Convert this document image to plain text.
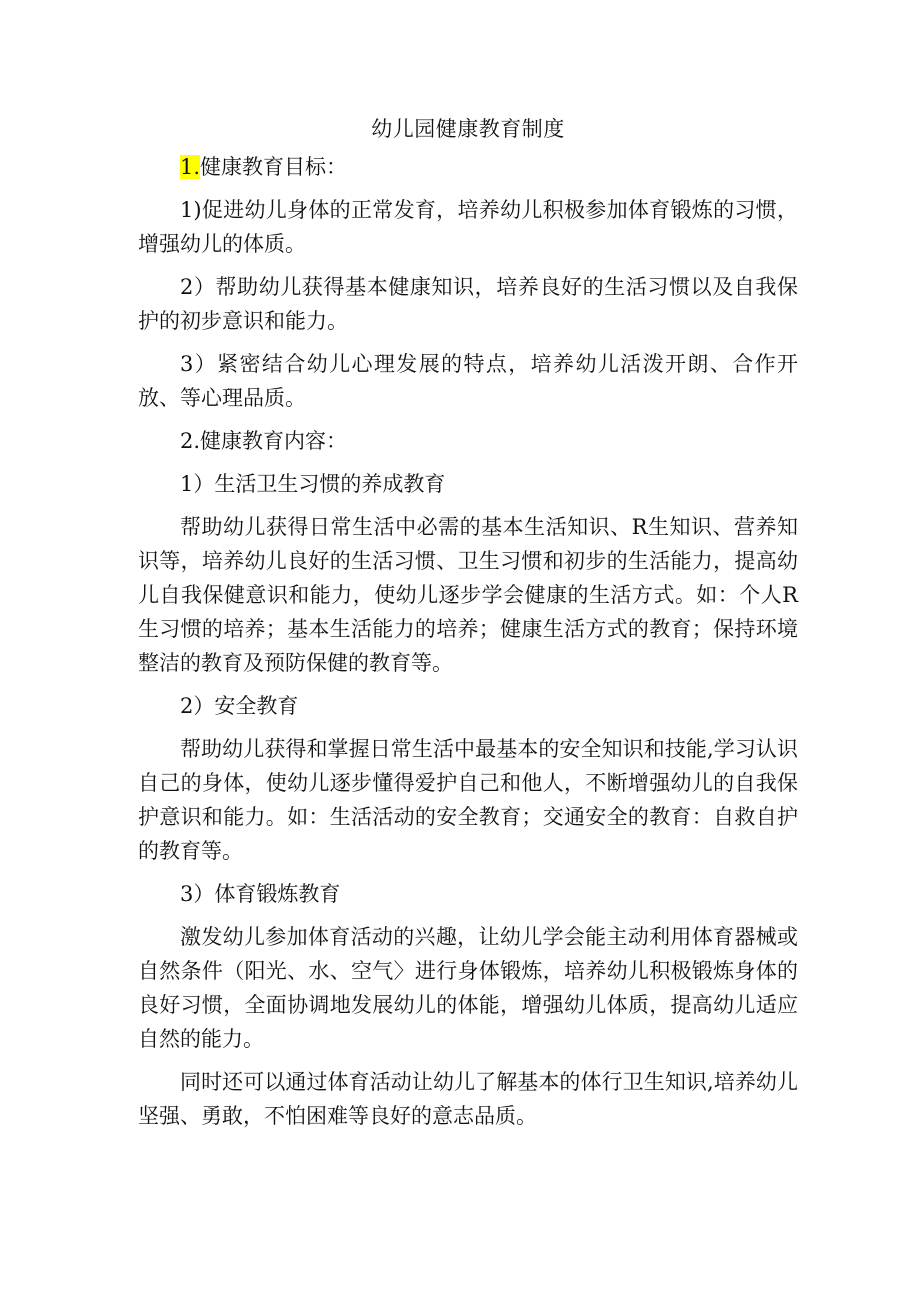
幼儿园健康教育制度

1.健康教育目标：

1)促进幼儿身体的正常发育，培养幼儿积极参加体育锻炼的习惯，增强幼儿的体质。

2）帮助幼儿获得基本健康知识，培养良好的生活习惯以及自我保护的初步意识和能力。

3）紧密结合幼儿心理发展的特点，培养幼儿活泼开朗、合作开放、等心理品质。

2.健康教育内容：

1）生活卫生习惯的养成教育

帮助幼儿获得日常生活中必需的基本生活知识、R生知识、营养知识等，培养幼儿良好的生活习惯、卫生习惯和初步的生活能力，提高幼儿自我保健意识和能力，使幼儿逐步学会健康的生活方式。如：个人R生习惯的培养；基本生活能力的培养；健康生活方式的教育；保持环境整洁的教育及预防保健的教育等。

2）安全教育

帮助幼儿获得和掌握日常生活中最基本的安全知识和技能,学习认识自己的身体，使幼儿逐步懂得爱护自己和他人，不断增强幼儿的自我保护意识和能力。如：生活活动的安全教育；交通安全的教育：自救自护的教育等。

3）体育锻炼教育

激发幼儿参加体育活动的兴趣，让幼儿学会能主动利用体育器械或自然条件（阳光、水、空气〉进行身体锻炼，培养幼儿积极锻炼身体的良好习惯，全面协调地发展幼儿的体能，增强幼儿体质，提高幼儿适应自然的能力。

同时还可以通过体育活动让幼儿了解基本的体行卫生知识,培养幼儿坚强、勇敢，不怕困难等良好的意志品质。
